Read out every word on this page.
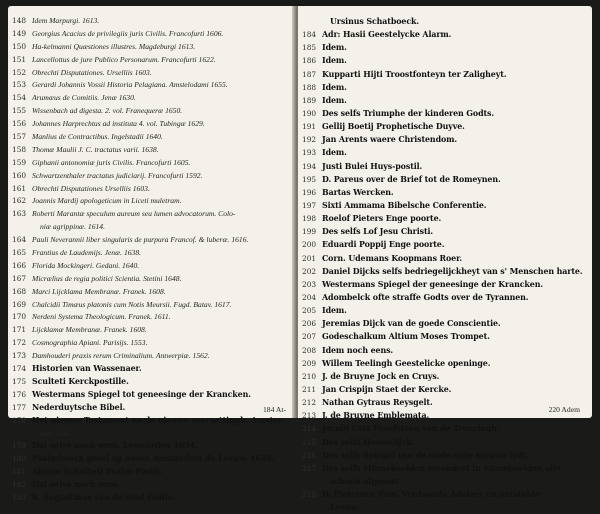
148 Idem Marpurgi. 1613.
149 Georgius Acacius de privilegiis juris Civilis. Francofurti 1606.
150 Ha-kelmanni Quæstiones illustres. Magdeburgi 1613.
151 Lancellottus de jure Publico Personarum. Francofurti 1622.
152 Obrechti Disputationes. Urselliis 1603.
153 Gerardi Johannis Vossii Historia Pelagiana. Amstelodami 1655.
154 Arumæus de Comitiis. Jenæ 1630.
155 Wissenbach ad digesta. 2. vol. Franequeræ 1650.
156 Johannes Harprechtus ad instituta 4. vol. Tubingæ 1629.
157 Manlius de Contractibus. Ingelstadii 1640.
158 Thomæ Maulii J. C. tractatus varii. 1638.
159 Giphanii antonomiæ juris Civilis. Francofurti 1605.
160 Schwartzenthaler tractatus judiciarij. Francofurti 1592.
161 Obrechti Disputationes Urselliis 1603.
162 Joannis Mardij apologeticum in Liceti muletram.
163 Roberti Marantæ speculum aureum seu lumen advocatorum. Colo-
niæ agrippinæ. 1614.
164 Pauli Neverannii liber singularis de purpura Francof. & luberæ. 1616.
165 Frantius de Laudemijs. Jenæ. 1638.
166 Florida Mockingeri. Gedani. 1640.
167 Micrælius de regia politici Scientia. Stetini 1648.
168 Marci Lijcklama Membranæ. Franek. 1608.
169 Chalcidii Timæus platonis cum Notis Meursii. Fugd. Batav. 1617.
170 Nerdeni Systema Theologicum. Franek. 1611.
171 Lijcklamæ Membranæ. Franek. 1608.
172 Cosmographia Apiani. Parisijs. 1553.
173 Damhouderi praxis rerum Criminalium. Antwerpiæ. 1562.
174 Historien van Wassenaer.
175 Sculteti Kerckpostille.
176 Westermans Spiegel tot geneesinge der Krancken.
177 Nederduytsche Bibel.
178 Het nieuwe Testament na de nieuwe oversettingh. Amster-
dam 1645.
179 Dat selve noch eens. Leuwarden 1634.
180 Psalmboeck gesel op noten Amsterdam de Leeuw. 1649.
181 Abram Schulteti Psalm-Postil.
182 Dat selve noch eens.
183 S. Augustinus van de Stad Godts.
184 At-
Ursinus Schatboeck.
184 Adr: Hasii Geestelycke Alarm.
185 Idem.
186 Idem.
187 Kupparti Hijti Troostfonteyn ter Zaligheyt.
188 Idem.
189 Idem.
190 Des selfs Triumphe der kinderen Godts.
191 Gellij Boetij Prophetische Duyve.
192 Jan Arents waere Christendom.
193 Idem.
194 Justi Bulei Huys-postil.
195 D. Pareus over de Brief tot de Romeynen.
196 Bartas Wercken.
197 Sixti Ammama Bibelsche Conferentie.
198 Roelof Pieters Enge poorte.
199 Des selfs Lof Jesu Christi.
200 Eduardi Poppij Enge poorte.
201 Corn. Udemans Koopmans Roer.
202 Daniel Dijcks selfs bedriegelijckheyt van s' Menschen harte.
203 Westermans Spiegel der geneesinge der Krancken.
204 Adombelck ofte straffe Godts over de Tyrannen.
205 Idem.
206 Jeremias Dijck van de goede Conscientie.
207 Godeschalkum Altium Moses Trompet.
208 Idem noch eens.
209 Willem Teelingh Geestelicke openinge.
210 J. de Bruyne Jock en Cruys.
211 Jan Crispijn Staet der Kercke.
212 Nathan Gytraus Reysgelt.
213 J. de Bruyne Emblemata.
214 Jacobi Cats Proefsteen van de Trouringh.
215 Des selfs Houwelijck.
216 Des selfs Spiegel van de oude ende nieuwe tydt.
217 Des selfs Minnebeelden verandert in Sinnebeelden alle
schoon afgesset.
218 D. Pietersen Pars. Verdwarde Adelaer en ontstelde
Leeuw.
220 Adem
